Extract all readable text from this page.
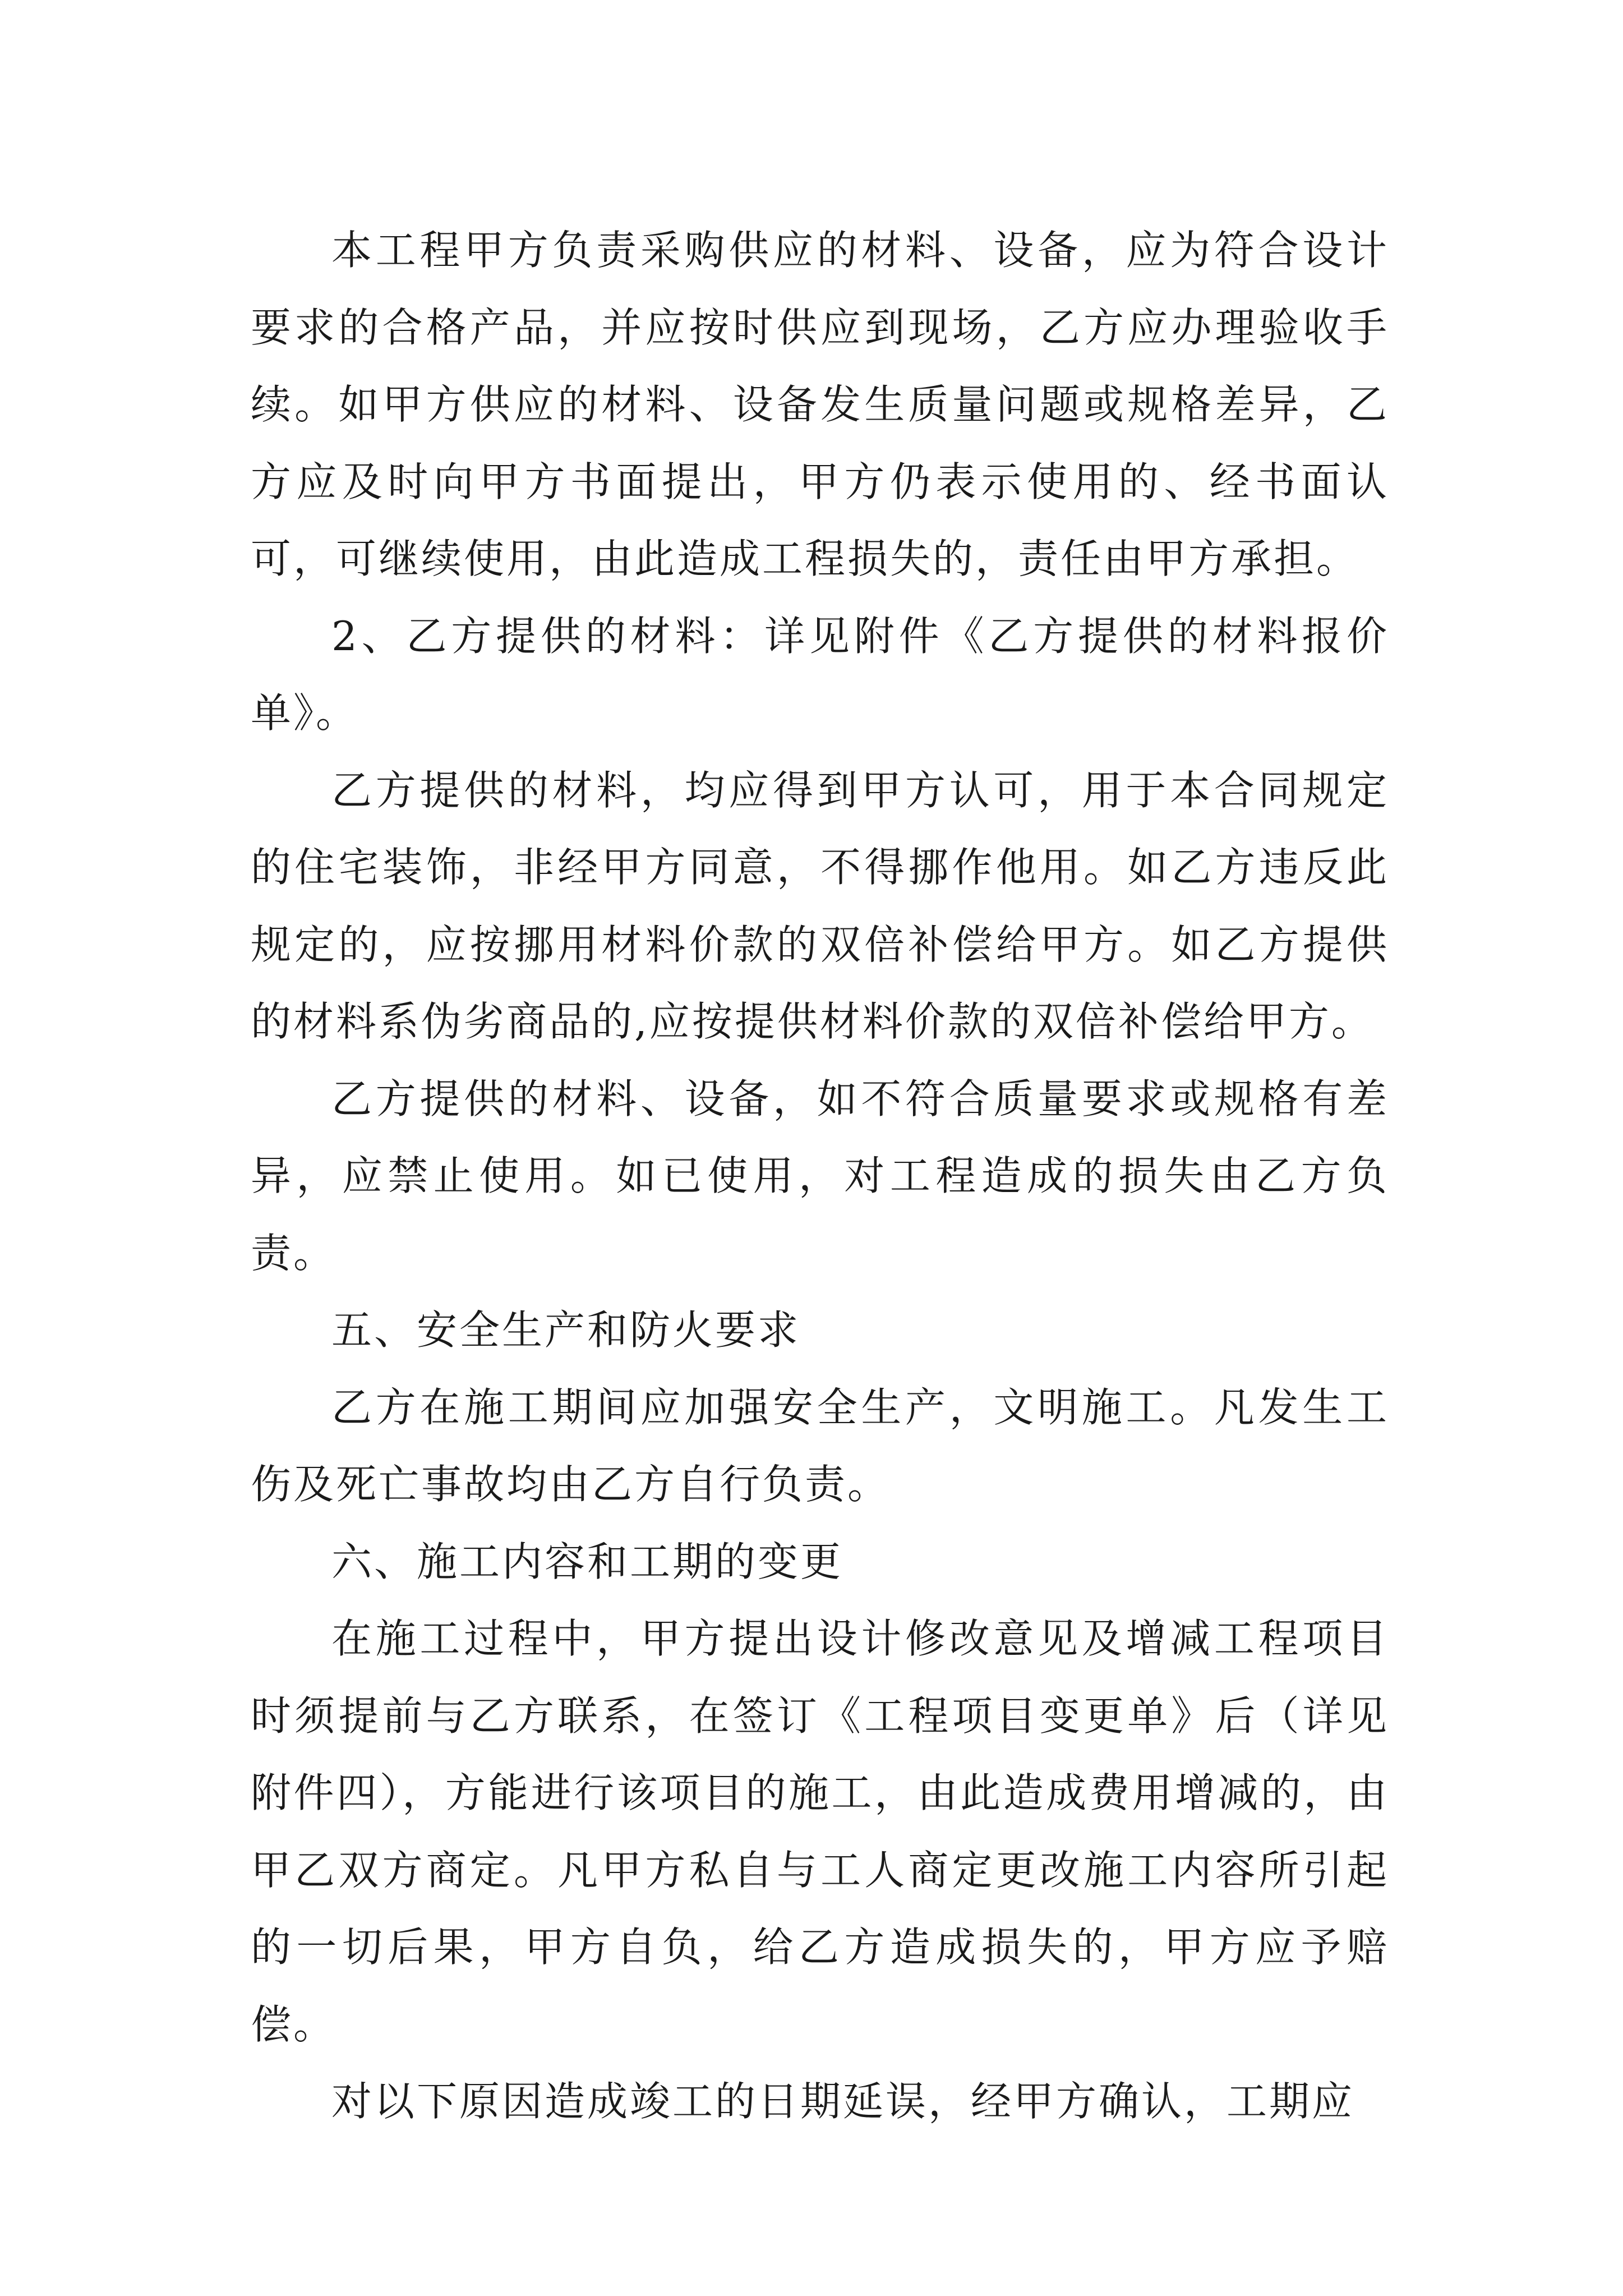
本工程甲方负责采购供应的材料、设备，应为符合设计要求的合格产品，并应按时供应到现场，乙方应办理验收手续。如甲方供应的材料、设备发生质量问题或规格差异，乙方应及时向甲方书面提出，甲方仍表示使用的、经书面认可，可继续使用，由此造成工程损失的，责任由甲方承担。

2、乙方提供的材料：详见附件《乙方提供的材料报价单》。

乙方提供的材料，均应得到甲方认可，用于本合同规定的住宅装饰，非经甲方同意，不得挪作他用。如乙方违反此规定的，应按挪用材料价款的双倍补偿给甲方。如乙方提供的材料系伪劣商品的,应按提供材料价款的双倍补偿给甲方。

乙方提供的材料、设备，如不符合质量要求或规格有差异，应禁止使用。如已使用，对工程造成的损失由乙方负责。

五、安全生产和防火要求

乙方在施工期间应加强安全生产，文明施工。凡发生工伤及死亡事故均由乙方自行负责。

六、施工内容和工期的变更

在施工过程中，甲方提出设计修改意见及增减工程项目时须提前与乙方联系，在签订《工程项目变更单》后（详见附件四），方能进行该项目的施工，由此造成费用增减的，由甲乙双方商定。凡甲方私自与工人商定更改施工内容所引起的一切后果，甲方自负，给乙方造成损失的，甲方应予赔偿。

对以下原因造成竣工的日期延误，经甲方确认，工期应
